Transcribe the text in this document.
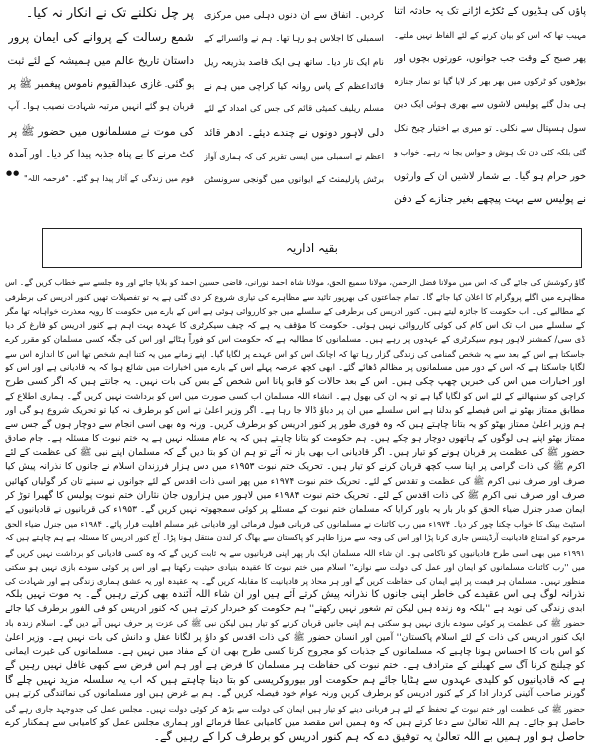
پاؤں کی ہڈیوں کے ٹکڑے اڑانے تک یہ حادثہ اتنا
مہیب تھا کہ اس کو بیان کرنے کے لئے الفاظ نہیں ملتے۔
پھر صبح کے وقت جب جوانوں، عورتوں بچوں اور
بوڑھوں کو ٹرکوں میں بھر بھر کر لایا گیا تو نماز جنازہ
ہی بدل گئے پولیس لاشوں سے بھری ہوئی ایک دین
سول ہسپتال سے نکلی۔ تو میری بے اختیار چیخ نکل
گئی بلکہ کئی دن تک ہوش و حواس بجا نہ رہے۔ خواب و
خور حرام ہو گیا۔ بے شمار لاشیں ان کے وارثوں
نے پولیس سے بہت پیچھے بغیر جنازے کے دفن
کردیں۔ اتفاق سے ان دنوں دہلی میں مرکزی
اسمبلی کا اجلاس ہو رہا تھا۔ ہم نے وائسرائے کے
نام ایک تار دیا۔ ساتھ ہی ایک قاصد بذریعہ ریل
قائداعظم کے پاس روانہ کیا کراچی میں ہم نے
مسلم ریلیف کمیٹی قائم کی جس کی امداد کے لئے
دلی لاہور دونوں نے چندے دیئے۔ ادھر قائد
اعظم نے اسمبلی میں ایسی تقریر کی کہ ہماری آواز
برٹش پارلیمنٹ کے ایوانوں میں گونجی سرونسٹن
پر چل نکلنے تک نے انکار نہ کیا۔
شمع رسالت کے پروانے کی ایمان پرور
داستان تاریخ عالم میں ہمیشہ کے لئے ثبت
ہو گئی۔ غازی عبدالقیوم ناموس پیغمبر ﷺ پر
قربان ہو گئے انہیں مرتبہ شہادت نصیب ہوا۔ آپ
کی موت نے مسلمانوں میں حضور ﷺ پر
کٹ مرنے کا بے پناہ جذبہ پیدا کر دیا۔ اور آمدہ
قوم میں زندگی کے آثار پیدا ہو گئے۔ "فرحمہ اللہ"
●●
بقیہ اداریہ
گاؤ رکوشش کی جائے گی کہ اس میں مولانا فضل الرحمن، مولانا سمیع الحق، مولانا شاہ احمد نورانی، قاضی حسین احمد کو بلایا جائے اور وہ جلسے سے خطاب کریں گے۔ اس
مظاہرے میں اگلے پروگرام کا اعلان کیا جائے گا۔ تمام جماعتوں کی بھرپور تائید سے مظاہرے کی تیاری شروع کر دی گئی ہے یہ تو تفصیلات تھیں کنور ادریس کی برطرفی
کے مطالبے کی۔ اب حکومت کا جائزہ لیتے ہیں۔ کنور ادریس کی برطرفی کے سلسلے میں جو کارروائی ہوئی ہے اس کے بارے میں حکومت کا رویہ معذرت خواہانہ تھا مگر
کے سلسلے میں اب تک اس کام کی کوئی کارروائی نہیں ہوئی۔ حکومت کا مؤقف یہ ہے کہ چیف سیکرٹری کا عہدہ بہت اہم ہے کنور ادریس کو فارغ کر دیا
ڈی سی/ کمشنر لاہور ہوم سیکرٹری کے عہدوں پر رہے ہیں۔ مسلمانوں کا مطالبہ ہے کہ حکومت اس کو فوراً ہٹائے اور اس کی جگہ کسی مسلمان کو مقرر کرے
جاسکتا ہے اس کے بعد سے یہ شخص گمنامی کی زندگی گزار رہا تھا کہ اچانک اس کو اس عہدے پر لگایا گیا۔ اپنے زمانے میں یہ کتنا اہم شخص تھا اس کا اندازہ اس سے
لگایا جاسکتا ہے کہ اس کے دور میں مسلمانوں پر مظالم ڈھائے گئے۔ ابھی کچھ عرصہ پہلے اس کے بارے میں اخبارات میں شائع ہوا کہ یہ قادیانی ہے اور اس کو
اور اخبارات میں اس کی خبریں چھپ چکی ہیں۔ اس کے بعد حالات کو قابو پانا اس شخص کے بس کی بات نہیں۔ یہ جانتے ہیں کہ اگر کسی طرح
کراچی کو سنبھالنے کے لئے اس کو لگایا گیا ہے تو یہ ان کی بھول ہے۔ انشاء اللہ مسلمان اب کسی صورت میں اس کو برداشت نہیں کریں گے۔ ہماری اطلاع کے
مطابق ممتاز بھٹو نے اس فیصلے کو بدلنا ہے اس سلسلے میں ان پر دباؤ ڈالا جا رہا ہے۔ اگر وزیر اعلیٰ نے اس کو برطرف نہ کیا تو تحریک شروع ہو گی اور
ہم وزیر اعلیٰ ممتاز بھٹو کو یہ بتانا چاہتے ہیں کہ وہ فوری طور پر کنور ادریس کو برطرف کریں۔ ورنہ وہ بھی اسی انجام سے دوچار ہوں گے جس سے
ممتاز بھٹو اپنے ہی لوگوں کے ہاتھوں دوچار ہو چکے ہیں۔ ہم حکومت کو بتانا چاہتے ہیں کہ یہ عام مسئلہ نہیں ہے یہ ختم نبوت کا مسئلہ ہے۔ جام صادق
حضور ﷺ کی عظمت پر قربان ہونے کو تیار ہیں۔ اگر قادیانی اب بھی باز نہ آئے تو ہم ان کو بتا دیں گے کہ مسلمان اپنے نبی ﷺ کی عظمت کے لئے
اکرم ﷺ کی ذات گرامی پر اپنا سب کچھ قربان کرنے کو تیار ہیں۔ تحریک ختم نبوت ۱۹۵۳ء میں دس ہزار فرزندان اسلام نے جانوں کا نذرانہ پیش کیا
صرف اور صرف نبی اکرم ﷺ کی عظمت و تقدس کے لئے۔ تحریک ختم نبوت ۱۹۷۴ء میں پھر اسی ذات اقدس کے لئے جوانوں نے سینے تان کر گولیاں کھائیں
صرف اور صرف نبی اکرم ﷺ کی ذات اقدس کے لئے۔ تحریک ختم نبوت ۱۹۸۴ء میں لاہور میں ہزاروں جان نثاران ختم نبوت پولیس کا گھیرا توڑ کر
ایمان صدر جنرل ضیاء الحق کو بار بار یہ باور کرایا کہ مسلمان ختم نبوت کے مسئلے پر کوئی سمجھوتہ نہیں کریں گے۔ ۱۹۵۳ء کی قربانیوں نے قادیانیوں کے
اسٹیٹ بینک کا خواب چکنا چور کر دیا۔ ۱۹۷۴ء میں رب کائنات نے مسلمانوں کی قربانی قبول فرمائی اور قادیانی غیر مسلم اقلیت قرار پائے۔ ۱۹۸۴ء میں جنرل ضیاء الحق
مرحوم کو امتناع قادیانیت آرڈیننس جاری کرنا پڑا اور اس کی وجہ سے مرزا طاہر کو پاکستان سے بھاگ کر لندن منتقل ہونا پڑا۔ آج کنور ادریس کا مسئلہ ہے ہم چاہتے ہیں کہ
۱۹۹۱ء میں بھی اسی طرح قادیانیوں کو ناکامی ہو۔ ان شاء اللہ مسلمان ایک بار پھر اپنی قربانیوں سے یہ ثابت کریں گے کہ وہ کسی قادیانی کو برداشت نہیں کریں گے
میں ''رب کائنات مسلمانوں کو ایمان اور عمل کی دولت سے نوازے'' اسلام میں ختم نبوت کا عقیدہ بنیادی حیثیت رکھتا ہے اور اس پر کوئی سودے بازی نہیں ہو سکتی
منظور نہیں۔ مسلمان ہر قیمت پر اپنے ایمان کی حفاظت کریں گے اور ہر محاذ پر قادیانیت کا مقابلہ کریں گے۔ یہ عقیدہ اور یہ عشق ہماری زندگی ہے اور شہادت کی
نذرانہ لوگ ہی اس عقیدے کی خاطر اپنی جانوں کا نذرانہ پیش کرتے آئے ہیں اور ان شاء اللہ آئندہ بھی کرتے رہیں گے۔ یہ موت نہیں بلکہ
ابدی زندگی کی نوید ہے ''بلکہ وہ زندہ ہیں لیکن تم شعور نہیں رکھتے'' ہم حکومت کو خبردار کرتے ہیں کہ کنور ادریس کو فی الفور برطرف کیا جائے
حضور ﷺ کی عظمت پر کوئی سودے بازی نہیں ہو سکتی ہم اپنی جانیں قربان کرنے کو تیار ہیں لیکن نبی ﷺ کی عزت پر حرف نہیں آنے دیں گے۔ اسلام زندہ باد
ایک کنور ادریس کی ذات کے لئے اسلام پاکستان'' آمین اور انسان حضور ﷺ کی ذات اقدس کو داؤ پر لگانا عقل و دانش کی بات نہیں ہے۔ وزیر اعلیٰ
کو اس بات کا احساس ہونا چاہیے کہ مسلمانوں کے جذبات کو مجروح کرنا کسی طرح بھی ان کے مفاد میں نہیں ہے۔ مسلمانوں کی غیرت ایمانی
کو چیلنج کرنا آگ سے کھیلنے کے مترادف ہے۔ ختم نبوت کی حفاظت ہر مسلمان کا فرض ہے اور ہم اس فرض سے کبھی غافل نہیں رہیں گے
ہے کہ قادیانیوں کو کلیدی عہدوں سے ہٹایا جائے ہم حکومت اور بیوروکریسی کو بتا دینا چاہتے ہیں کہ اب یہ سلسلہ مزید نہیں چلے گا
گورنر صاحب آئینی کردار ادا کر کے کنور ادریس کو برطرف کریں ورنہ عوام خود فیصلہ کریں گے۔ ہم بے غرض ہیں اور مسلمانوں کی نمائندگی کرتے ہیں
حضور ﷺ کی عظمت اور ختم نبوت کے تحفظ کے لئے ہر قربانی دینے کو تیار ہیں ایمان کی دولت سے بڑھ کر کوئی دولت نہیں۔ مجلس عمل کی جدوجہد جاری رہے گی
حاصل ہو جائے۔ ہم اللہ تعالیٰ سے دعا کرتے ہیں کہ وہ ہمیں اس مقصد میں کامیابی عطا فرمائے اور ہماری مجلس عمل کو کامیابی سے ہمکنار کرے
حاصل ہو اور ہمیں بے اللہ تعالیٰ یہ توفیق دے کہ ہم کنور ادریس کو برطرف کرا کے رہیں گے۔
